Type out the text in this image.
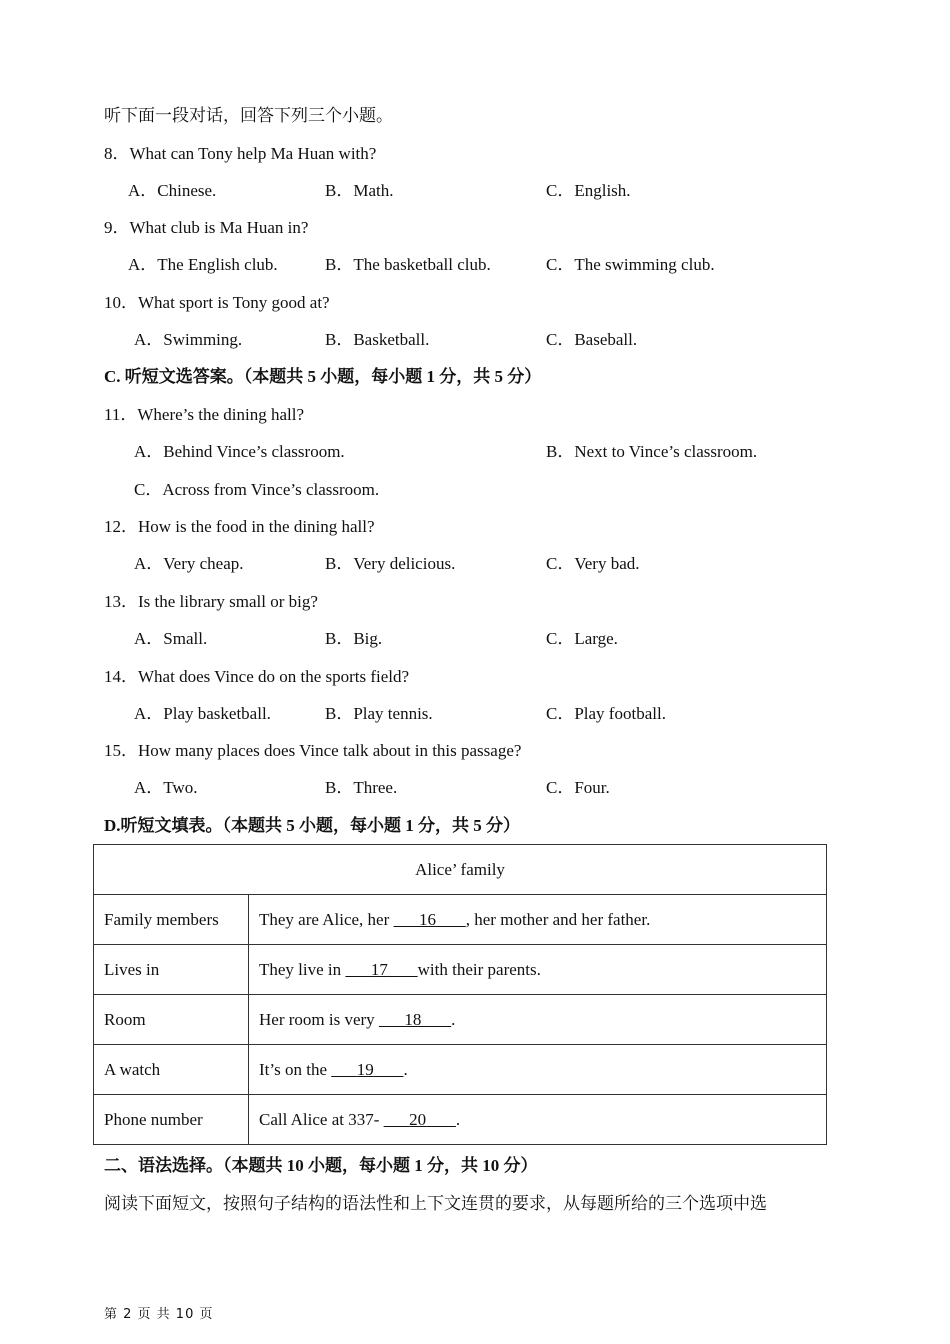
听下面一段对话，回答下列三个小题。
C. 听短文选答案。（本题共 5 小题，每小题 1 分，共 5 分）
D.听短文填表。（本题共 5 小题，每小题 1 分，共 5 分）
Alice’ family	
Family members	They are Alice, her       16 , her mother and her father.
Lives in	They live in       17 with their parents.
Room	Her room is very       18 .
A watch	It’s on the       19 .
Phone number	Call Alice at 337-       20 .
二、语法选择。（本题共 10 小题，每小题 1 分，共 10 分）
阅读下面短文，按照句子结构的语法性和上下文连贯的要求，从每题所给的三个选项中选
第 2 页 共 10 页
8．What can Tony help Ma Huan with?
A．Chinese.	B．Math.	C．English.
9．What club is Ma Huan in?
A．The English club.	B．The basketball club.	C．The swimming club.
10．What sport is Tony good at?
A．Swimming.	B．Basketball.	C．Baseball.
11．Where’s the dining hall?
A．Behind Vince’s classroom.	B．Next to Vince’s classroom.
C．Across from Vince’s classroom.
12．How is the food in the dining hall?
A．Very cheap.	B．Very delicious.	C．Very bad.
13．Is the library small or big?
A．Small.	B．Big.	C．Large.
14．What does Vince do on the sports field?
A．Play basketball.	B．Play tennis.	C．Play football.
15．How many places does Vince talk about in this passage?
A．Two.	B．Three.	C．Four.
